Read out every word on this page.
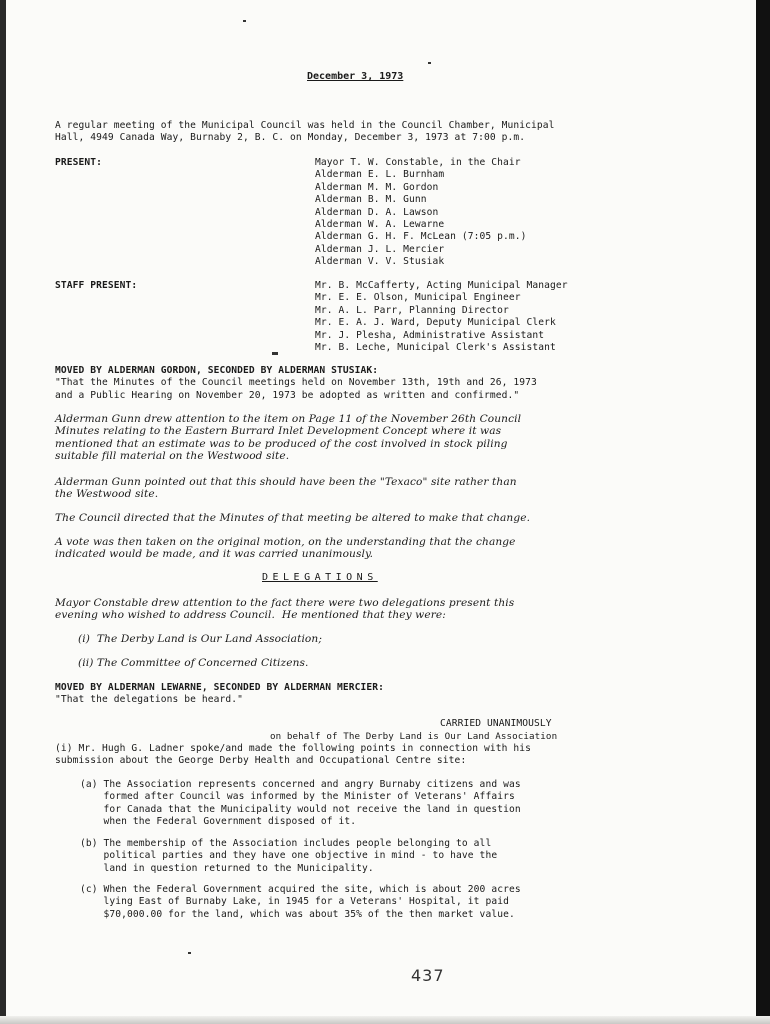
December 3, 1973
A regular meeting of the Municipal Council was held in the Council Chamber, Municipal
Hall, 4949 Canada Way, Burnaby 2, B. C. on Monday, December 3, 1973 at 7:00 p.m.
PRESENT:	Mayor T. W. Constable, in the Chair
Alderman E. L. Burnham
Alderman M. M. Gordon
Alderman B. M. Gunn
Alderman D. A. Lawson
Alderman W. A. Lewarne
Alderman G. H. F. McLean (7:05 p.m.)
Alderman J. L. Mercier
Alderman V. V. Stusiak
STAFF PRESENT:	Mr. B. McCafferty, Acting Municipal Manager
Mr. E. E. Olson, Municipal Engineer
Mr. A. L. Parr, Planning Director
Mr. E. A. J. Ward, Deputy Municipal Clerk
Mr. J. Plesha, Administrative Assistant
Mr. B. Leche, Municipal Clerk's Assistant
MOVED BY ALDERMAN GORDON, SECONDED BY ALDERMAN STUSIAK:
"That the Minutes of the Council meetings held on November 13th, 19th and 26, 1973
and a Public Hearing on November 20, 1973 be adopted as written and confirmed."
Alderman Gunn drew attention to the item on Page 11 of the November 26th Council
Minutes relating to the Eastern Burrard Inlet Development Concept where it was
mentioned that an estimate was to be produced of the cost involved in stock piling
suitable fill material on the Westwood site.
Alderman Gunn pointed out that this should have been the "Texaco" site rather than
the Westwood site.
The Council directed that the Minutes of that meeting be altered to make that change.
A vote was then taken on the original motion, on the understanding that the change
indicated would be made, and it was carried unanimously.
DELEGATIONS
Mayor Constable drew attention to the fact there were two delegations present this
evening who wished to address Council.  He mentioned that they were:
(i)  The Derby Land is Our Land Association;
(ii) The Committee of Concerned Citizens.
MOVED BY ALDERMAN LEWARNE, SECONDED BY ALDERMAN MERCIER:
"That the delegations be heard."
CARRIED UNANIMOUSLY
on behalf of The Derby Land is Our Land Association
(i) Mr. Hugh G. Ladner spoke/and made the following points in connection with his
submission about the George Derby Health and Occupational Centre site:
(a) The Association represents concerned and angry Burnaby citizens and was
formed after Council was informed by the Minister of Veterans' Affairs
for Canada that the Municipality would not receive the land in question
when the Federal Government disposed of it.
(b) The membership of the Association includes people belonging to all
political parties and they have one objective in mind - to have the
land in question returned to the Municipality.
(c) When the Federal Government acquired the site, which is about 200 acres
lying East of Burnaby Lake, in 1945 for a Veterans' Hospital, it paid
$70,000.00 for the land, which was about 35% of the then market value.
437
